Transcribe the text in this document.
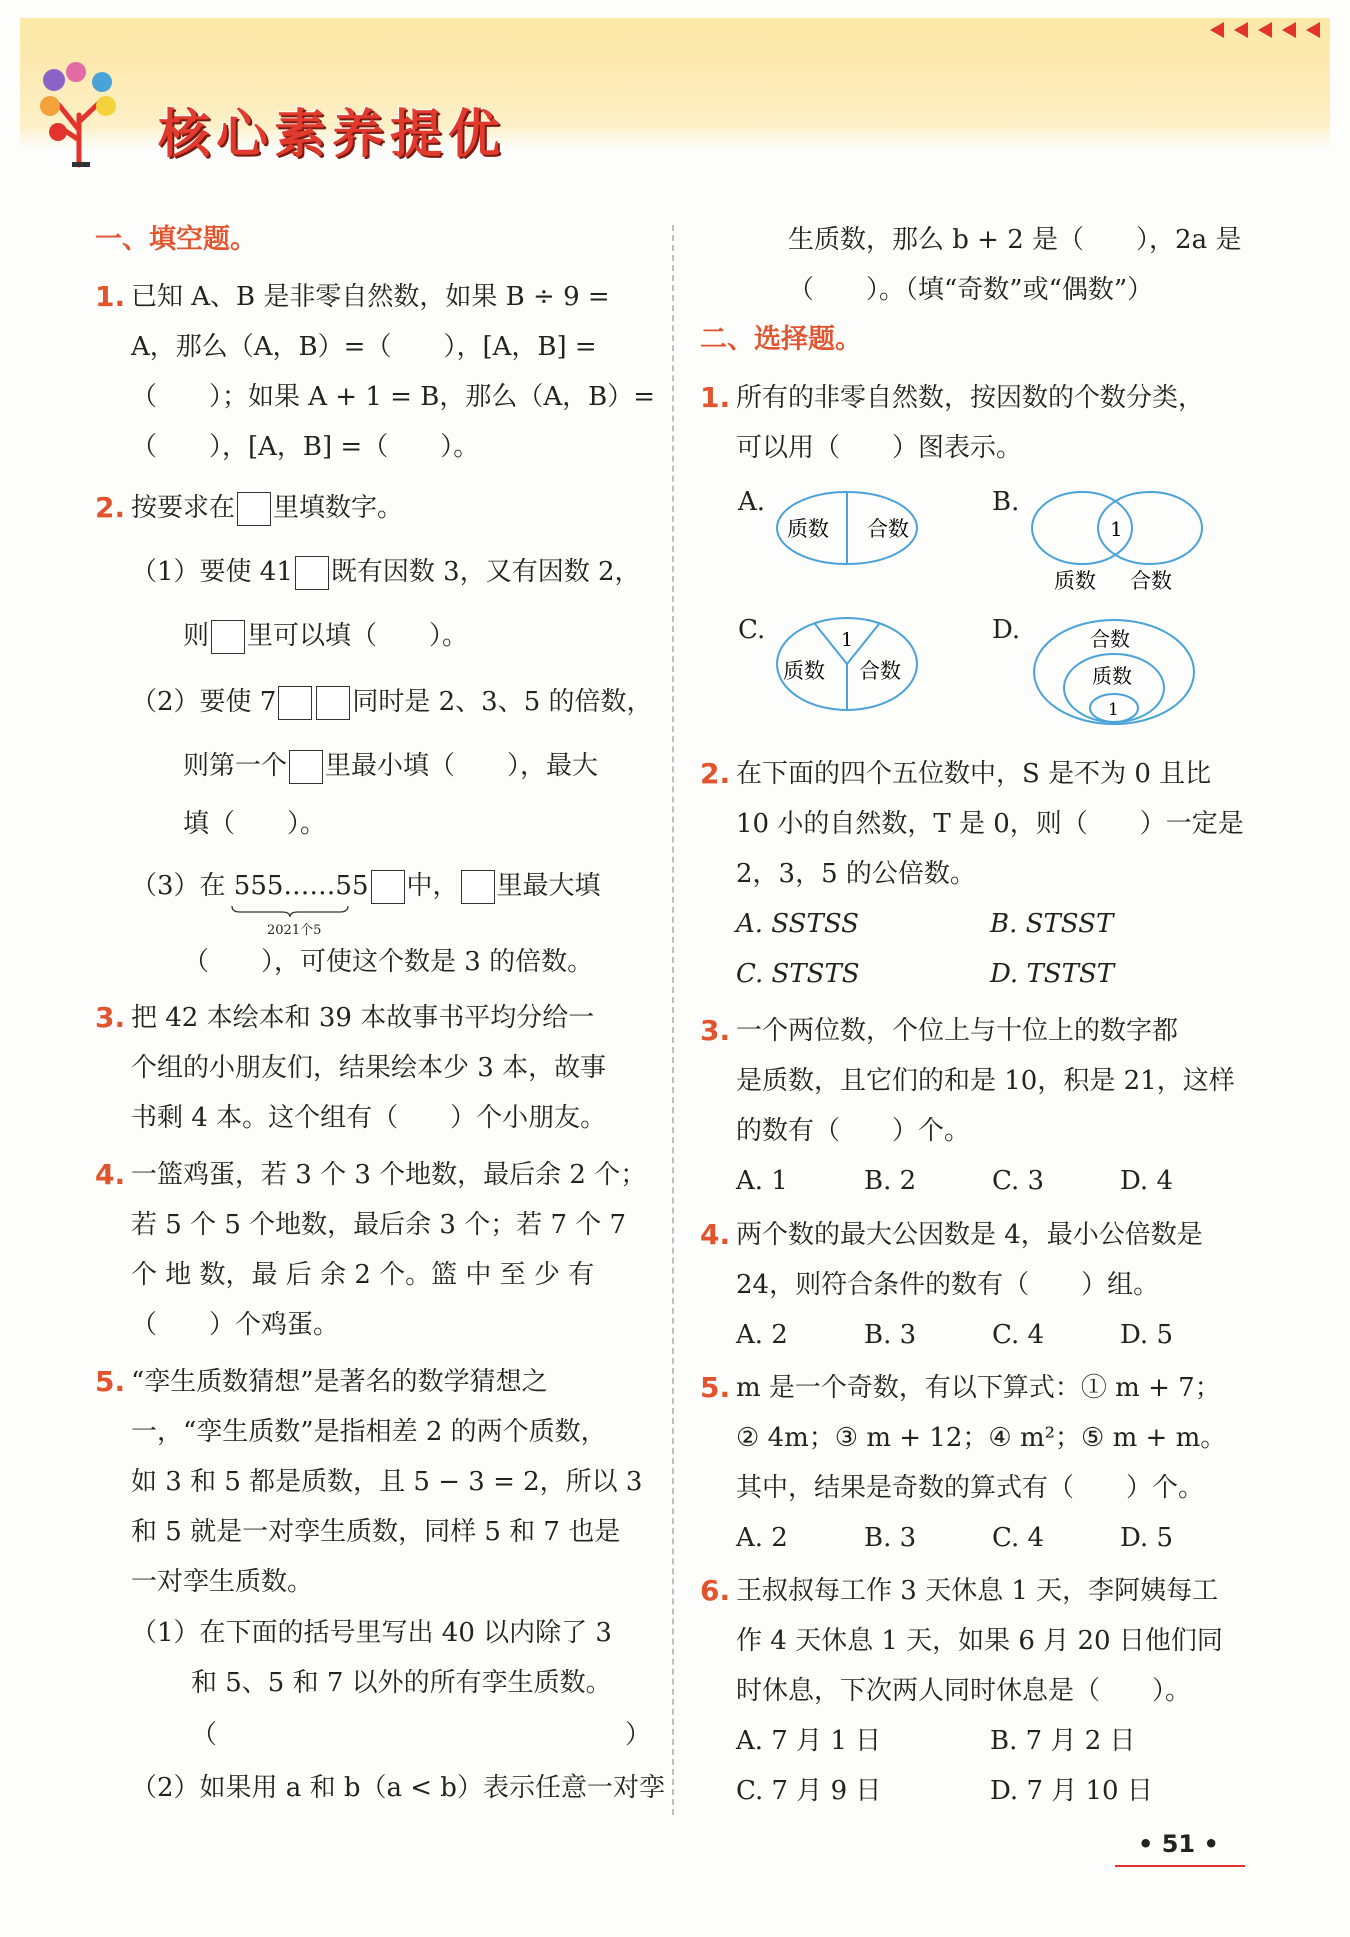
核心素养提优
一、填空题。
1. 已知 A、B 是非零自然数，如果 B ÷ 9 =
A，那么（A，B）=（　　），[A，B] =
（　　）；如果 A + 1 = B，那么（A，B）=
（　　），[A，B] =（　　）。
2. 按要求在 里填数字。
（1）要使 41 既有因数 3，又有因数 2，
则 里可以填（　　）。
（2）要使 7	同时是 2、3、5 的倍数，
则第一个 里最小填（　　），最大
填（　　）。
（3）在 555……55 中， 里最大填
2021个5
（　　），可使这个数是 3 的倍数。
3. 把 42 本绘本和 39 本故事书平均分给一
个组的小朋友们，结果绘本少 3 本，故事
书剩 4 本。这个组有（　　）个小朋友。
4. 一篮鸡蛋，若 3 个 3 个地数，最后余 2 个；
若 5 个 5 个地数，最后余 3 个；若 7 个 7
个 地 数，最 后 余 2 个。篮 中 至 少 有
（　　）个鸡蛋。
5. “孪生质数猜想”是著名的数学猜想之
一，“孪生质数”是指相差 2 的两个质数，
如 3 和 5 都是质数，且 5 − 3 = 2，所以 3
和 5 就是一对孪生质数，同样 5 和 7 也是
一对孪生质数。
（1）在下面的括号里写出 40 以内除了 3
和 5、5 和 7 以外的所有孪生质数。
（	）
（2）如果用 a 和 b（a < b）表示任意一对孪
生质数，那么 b + 2 是（　　），2a 是
（　　）。（填“奇数”或“偶数”）
二、选择题。
1. 所有的非零自然数，按因数的个数分类，
可以用（　　）图表示。
A.
质数 合数
B.
1
质数 合数
C.	1
质数 合数
D.	合数
质数
1
2. 在下面的四个五位数中，S 是不为 0 且比
10 小的自然数，T 是 0，则（　　）一定是
2，3，5 的公倍数。
A. SSTSS	B. STSST
C. STSTS	D. TSTST
3. 一个两位数，个位上与十位上的数字都
是质数，且它们的和是 10，积是 21，这样
的数有（　　）个。
A. 1	B. 2	C. 3	D. 4
4. 两个数的最大公因数是 4，最小公倍数是
24，则符合条件的数有（　　）组。
A. 2	B. 3	C. 4	D. 5
5. m 是一个奇数，有以下算式：① m + 7；
② 4m；③ m + 12；④ m²；⑤ m + m。
其中，结果是奇数的算式有（　　）个。
A. 2	B. 3	C. 4	D. 5
6. 王叔叔每工作 3 天休息 1 天，李阿姨每工
作 4 天休息 1 天，如果 6 月 20 日他们同
时休息，下次两人同时休息是（　　）。
A. 7 月 1 日	B. 7 月 2 日
C. 7 月 9 日	D. 7 月 10 日
• 51 •
